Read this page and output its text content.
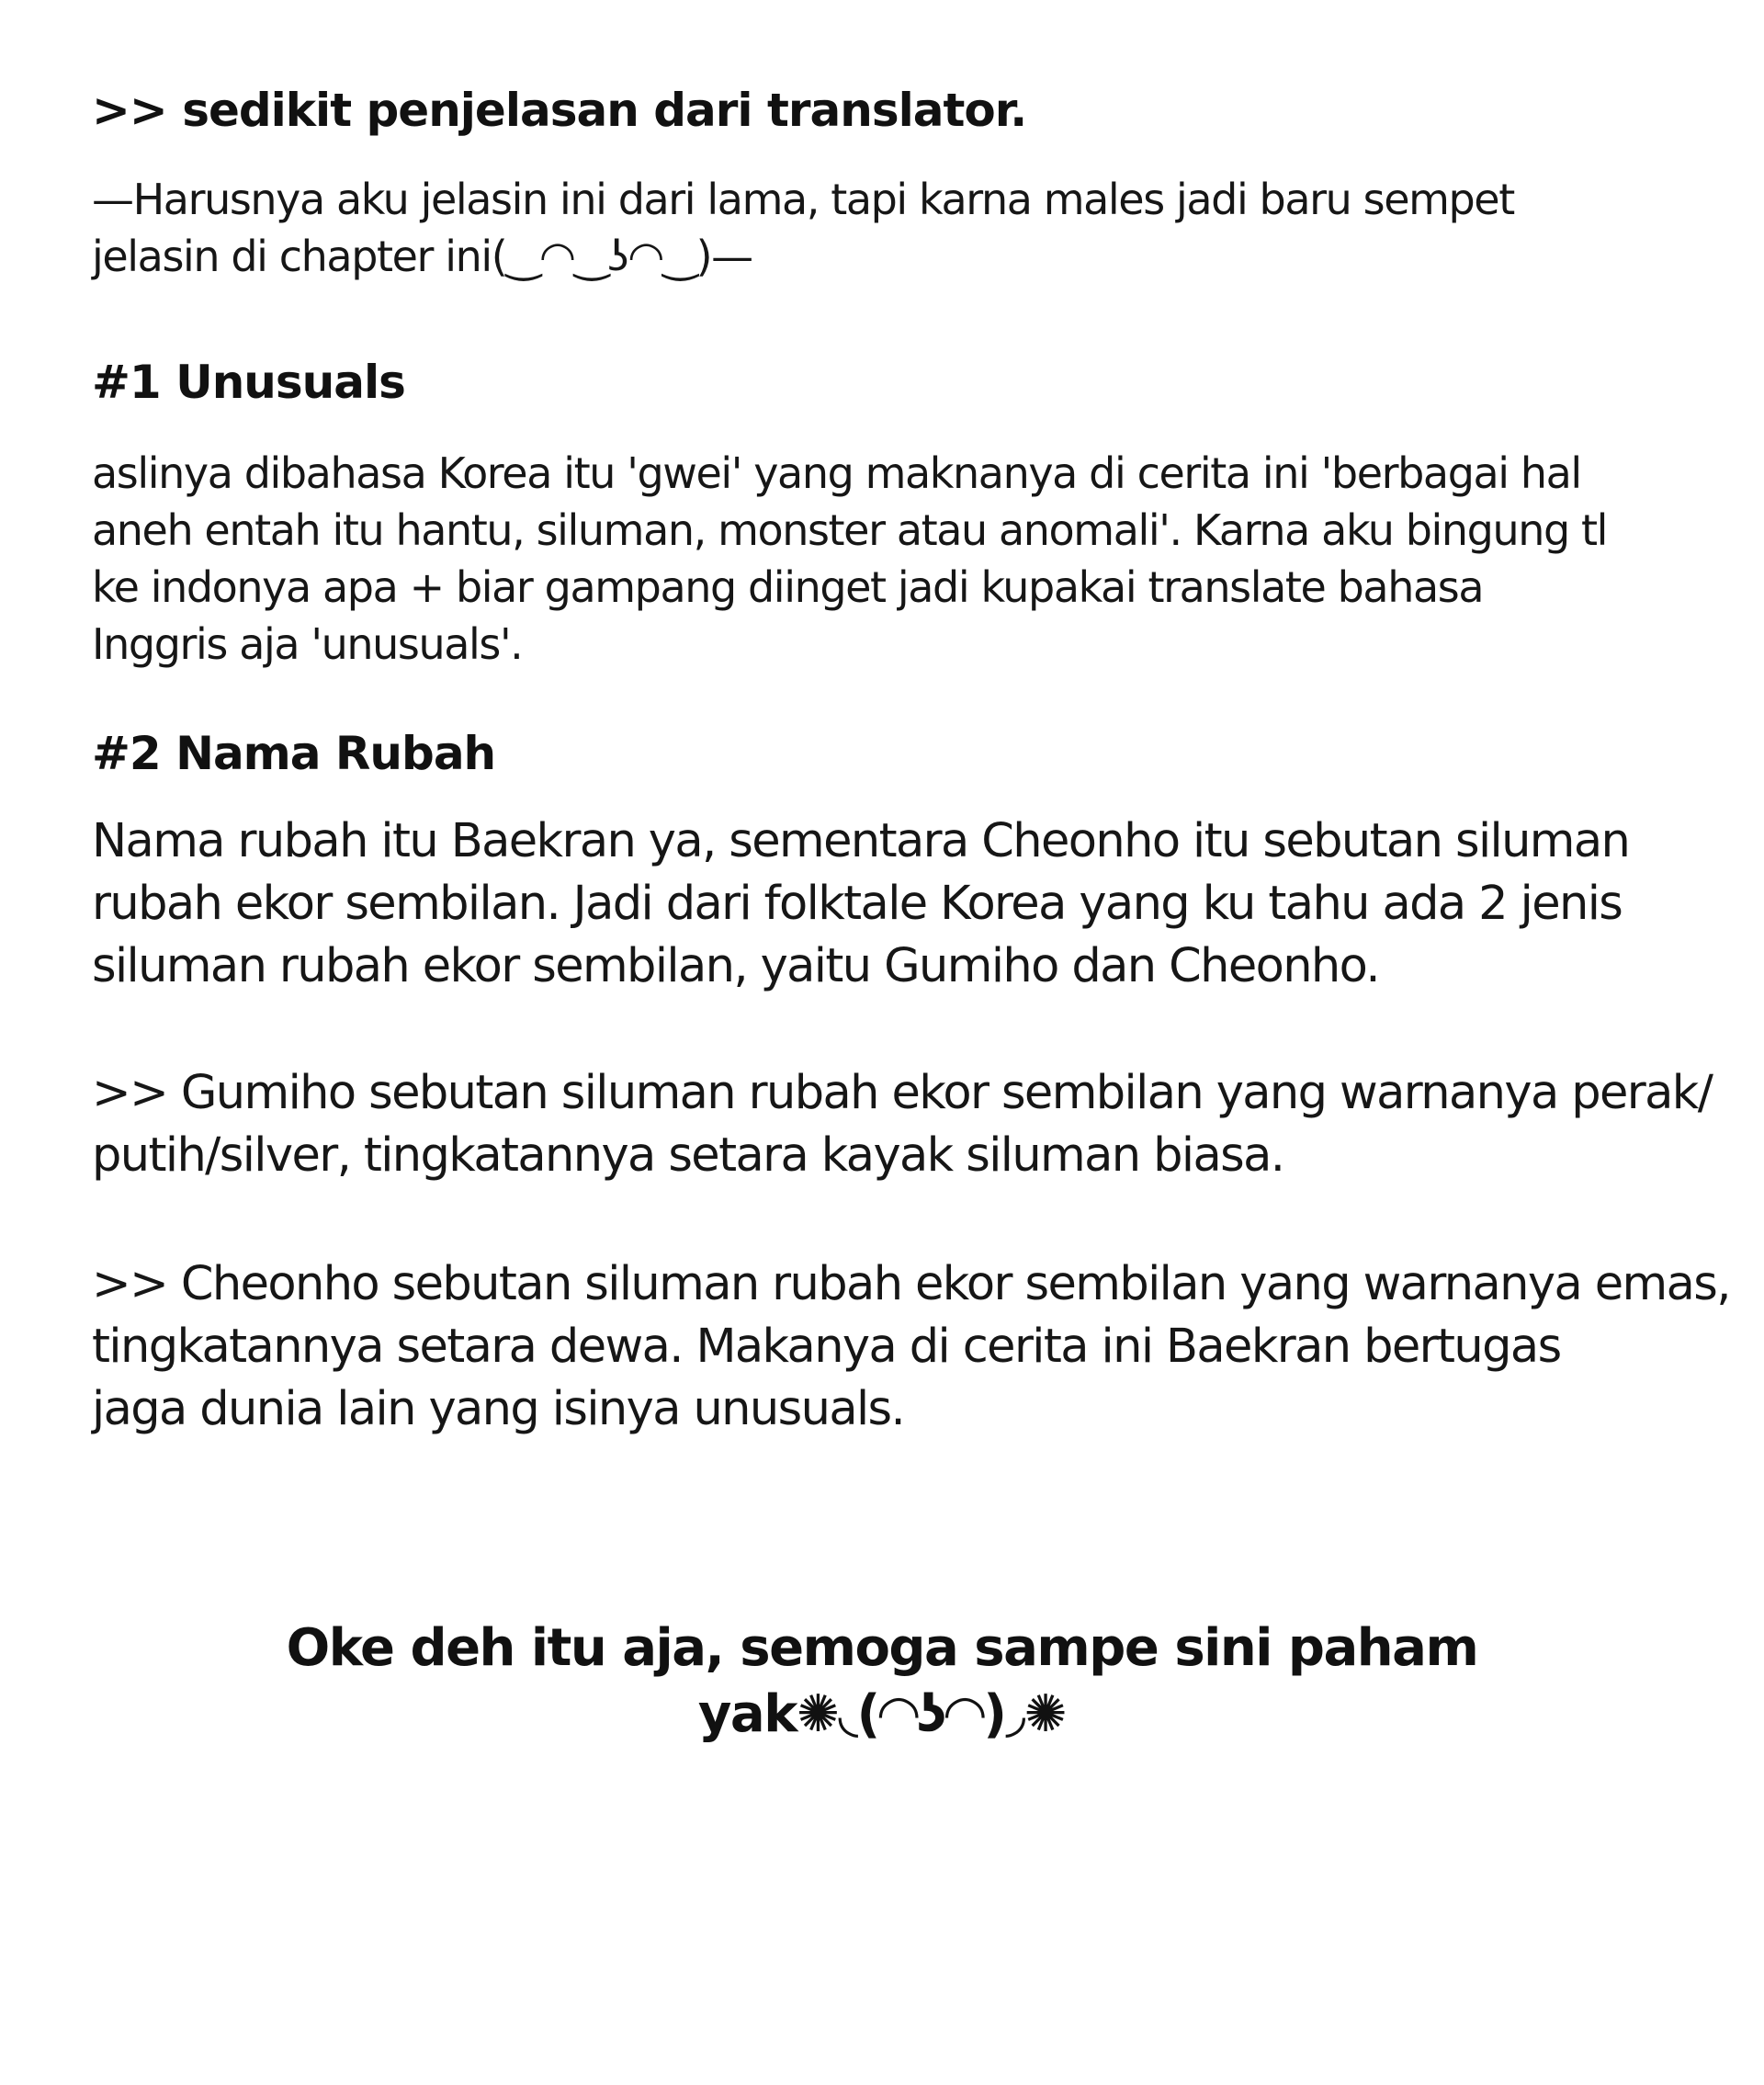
>> sedikit penjelasan dari translator.

—Harusnya aku jelasin ini dari lama, tapi karna males jadi baru sempet
jelasin di chapter ini(‿◠‿ʖ◠‿)—

#1 Unusuals

aslinya dibahasa Korea itu 'gwei' yang maknanya di cerita ini 'berbagai hal
aneh entah itu hantu, siluman, monster atau anomali'. Karna aku bingung tl
ke indonya apa + biar gampang diinget jadi kupakai translate bahasa
Inggris aja 'unusuals'.

#2 Nama Rubah

Nama rubah itu Baekran ya, sementara Cheonho itu sebutan siluman
rubah ekor sembilan. Jadi dari folktale Korea yang ku tahu ada 2 jenis
siluman rubah ekor sembilan, yaitu Gumiho dan Cheonho.

>> Gumiho sebutan siluman rubah ekor sembilan yang warnanya perak/
putih/silver, tingkatannya setara kayak siluman biasa.

>> Cheonho sebutan siluman rubah ekor sembilan yang warnanya emas,
tingkatannya setara dewa. Makanya di cerita ini Baekran bertugas
jaga dunia lain yang isinya unusuals.

Oke deh itu aja, semoga sampe sini paham
yak✺◟(◠ʖ◠)◞✺
